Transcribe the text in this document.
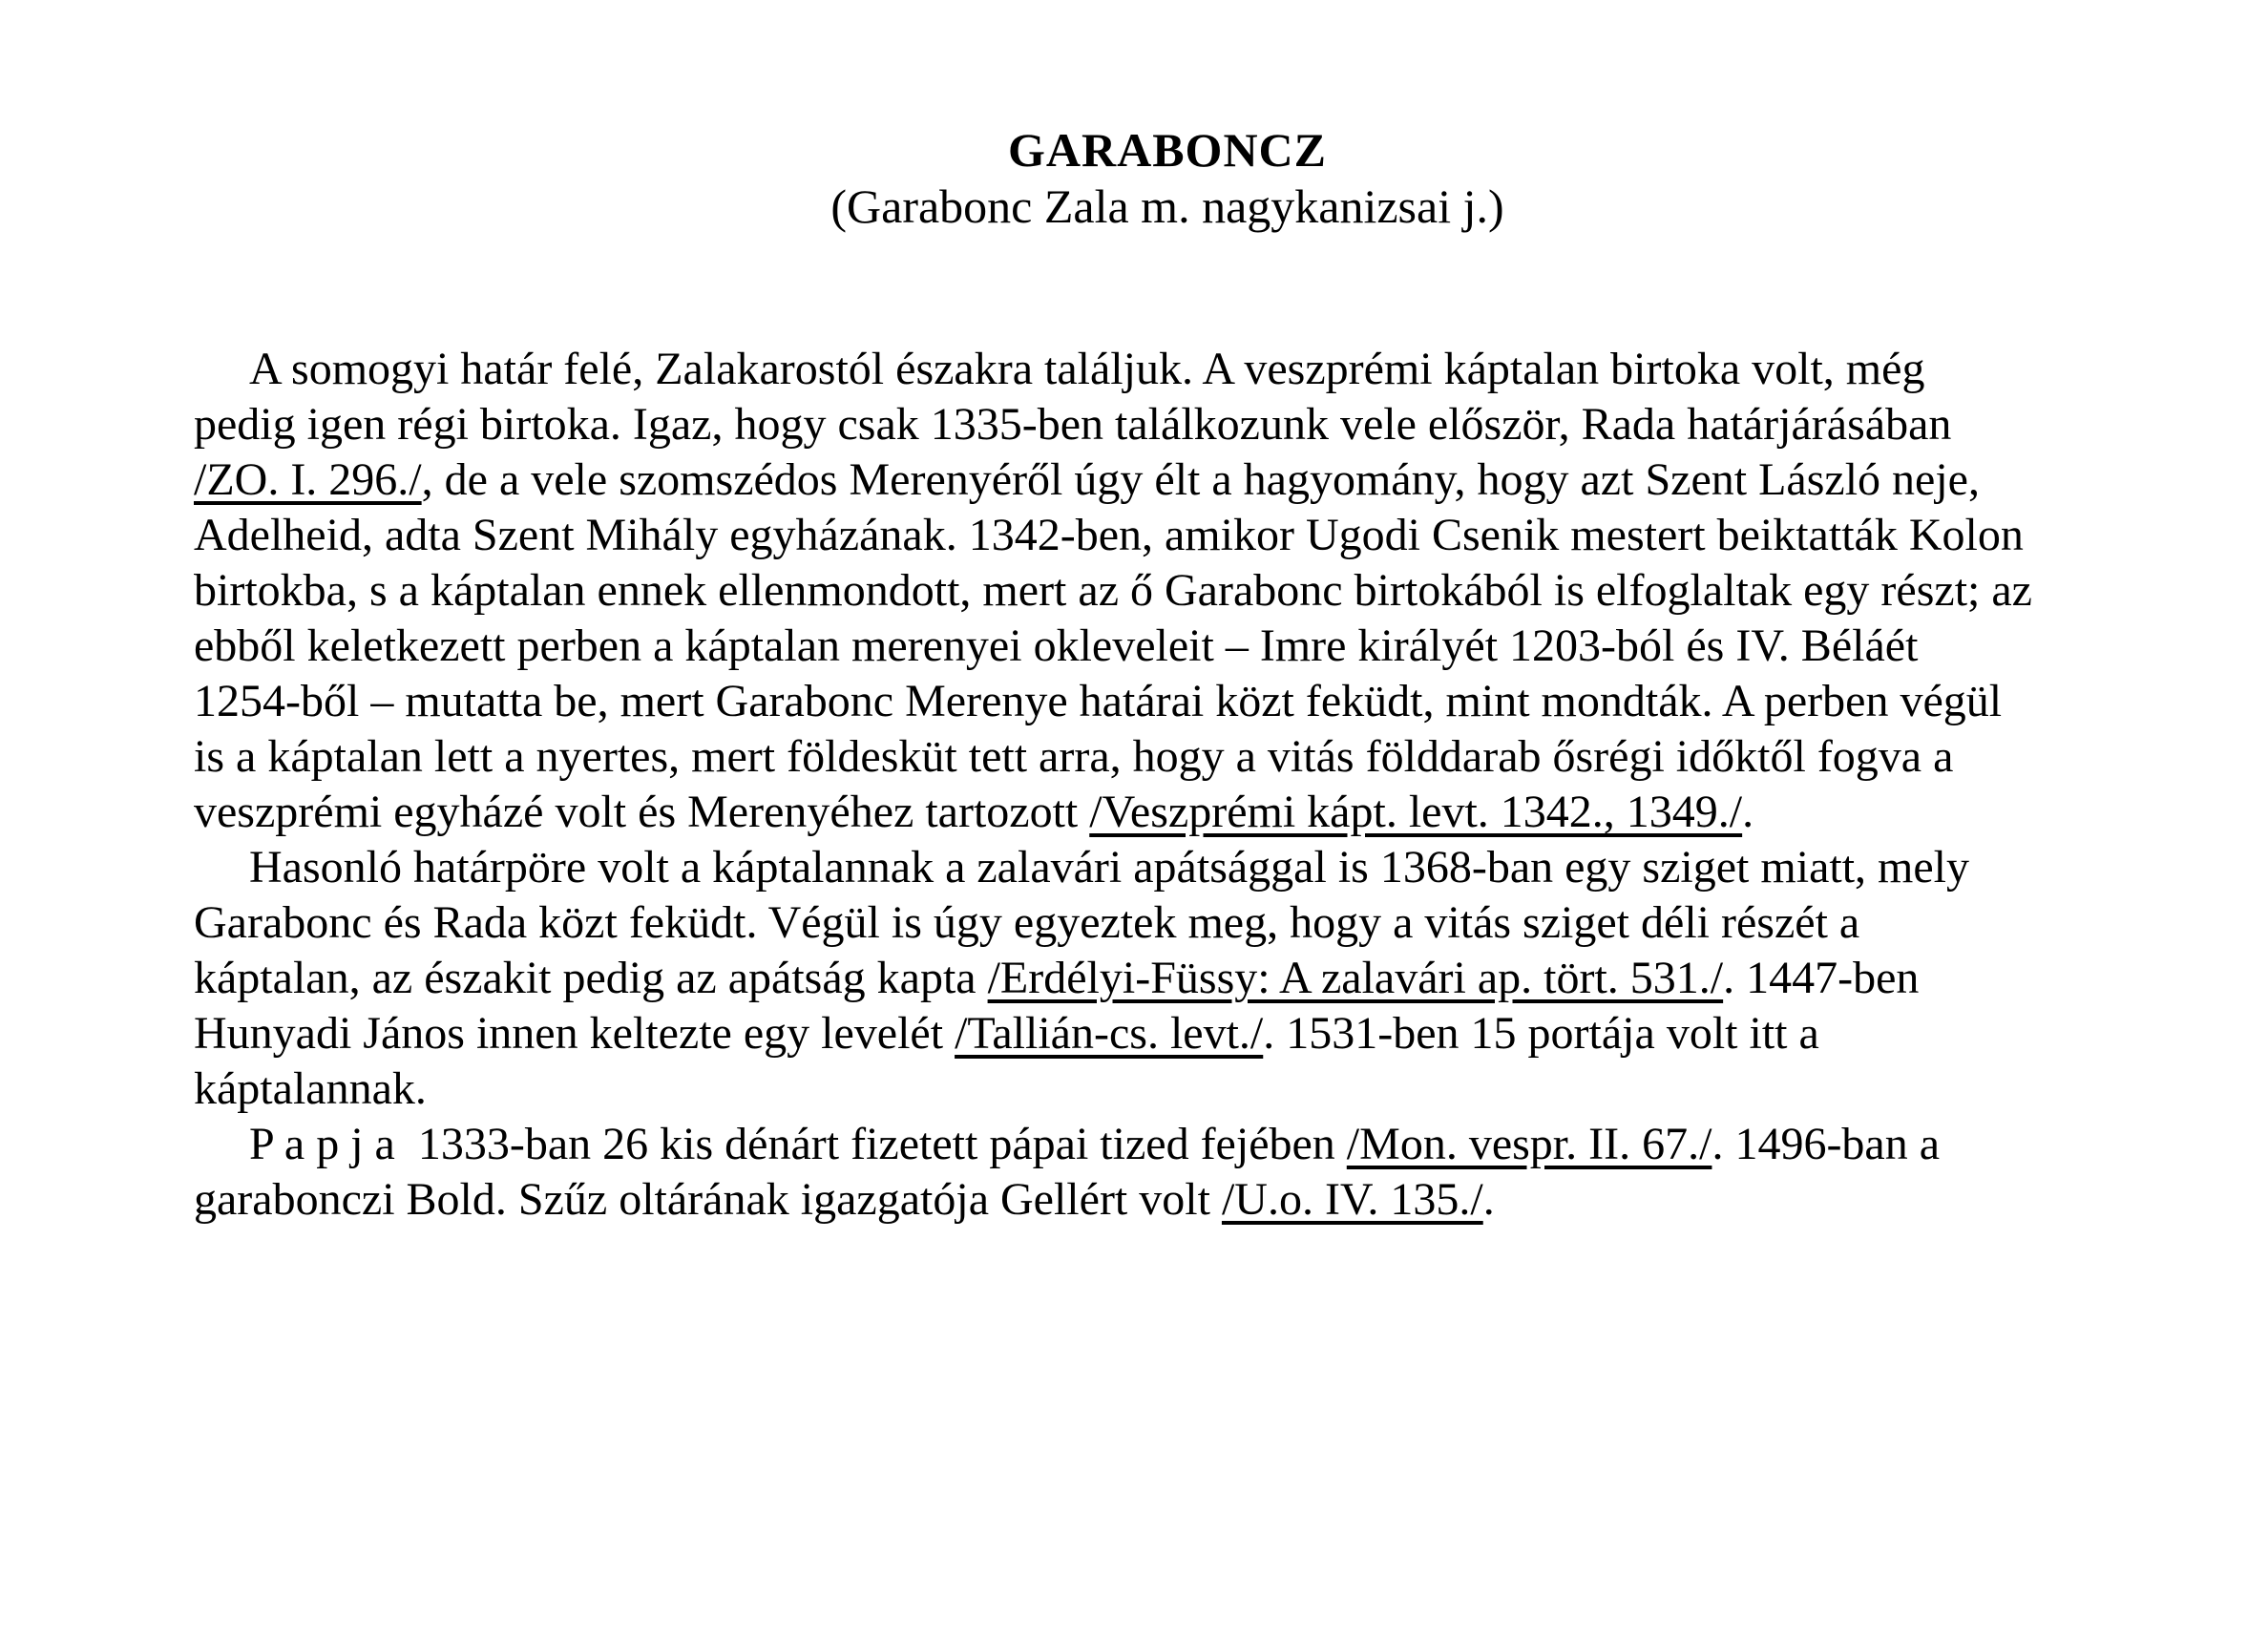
GARABONCZ
(Garabonc Zala m. nagykanizsai j.)
A somogyi határ felé, Zalakarostól északra találjuk. A veszprémi káptalan birtoka volt, még
pedig igen régi birtoka. Igaz, hogy csak 1335-ben találkozunk vele először, Rada határjárásában
/ZO. I. 296./, de a vele szomszédos Merenyéről úgy élt a hagyomány, hogy azt Szent László neje,
Adelheid, adta Szent Mihály egyházának. 1342-ben, amikor Ugodi Csenik mestert beiktatták Kolon
birtokba, s a káptalan ennek ellenmondott, mert az ő Garabonc birtokából is elfoglaltak egy részt; az
ebből keletkezett perben a káptalan merenyei okleveleit – Imre királyét 1203-ból és IV. Béláét
1254-ből – mutatta be, mert Garabonc Merenye határai közt feküdt, mint mondták. A perben végül
is a káptalan lett a nyertes, mert földesküt tett arra, hogy a vitás földdarab ősrégi időktől fogva a
veszprémi egyházé volt és Merenyéhez tartozott /Veszprémi kápt. levt. 1342., 1349./.
Hasonló határpöre volt a káptalannak a zalavári apátsággal is 1368-ban egy sziget miatt, mely
Garabonc és Rada közt feküdt. Végül is úgy egyeztek meg, hogy a vitás sziget déli részét a
káptalan, az északit pedig az apátság kapta /Erdélyi-Füssy: A zalavári ap. tört. 531./. 1447-ben
Hunyadi János innen keltezte egy levelét /Tallián-cs. levt./. 1531-ben 15 portája volt itt a
káptalannak.
P a p j a  1333-ban 26 kis dénárt fizetett pápai tized fejében /Mon. vespr. II. 67./. 1496-ban a
garabonczi Bold. Szűz oltárának igazgatója Gellért volt /U.o. IV. 135./.
